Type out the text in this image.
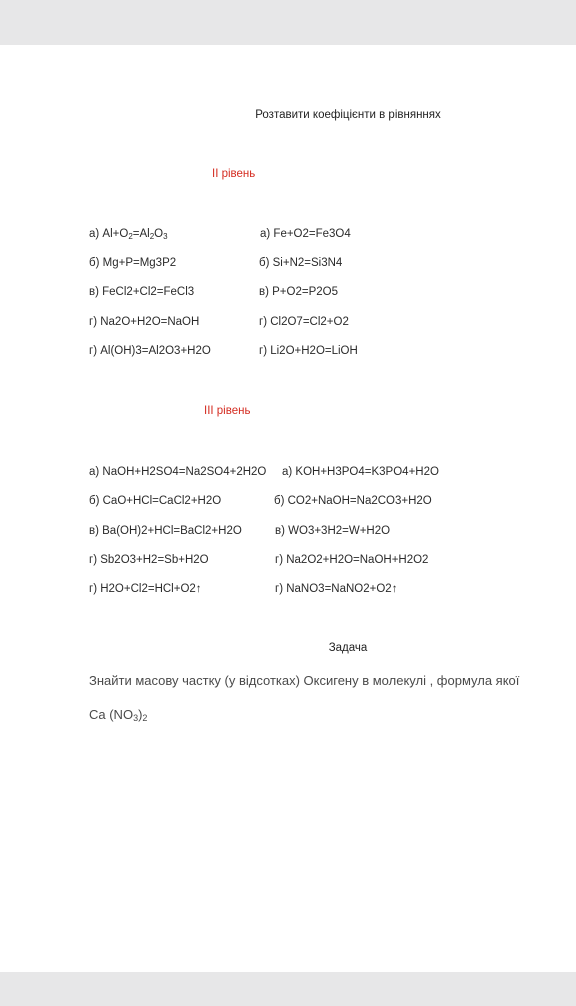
Розтавити коефіцієнти в рівняннях
II рівень
а) $Al+O_2=Al_2O_3$
б) Mg+P=Mg3P2
в) FeCl2+Cl2=FeCl3
г) Na2O+H2O=NaOH
г) Al(OH)3=Al2O3+H2O
а) Fe+O2=Fe3O4
б) Si+N2=Si3N4
в) P+O2=P2O5
г) Cl2O7=Cl2+O2
г) Li2O+H2O=LiOH
III рівень
а) NaOH+H2SO4=Na2SO4+2H2O
б) CaO+HCl=CaCl2+H2O
в) Ba(OH)2+HCl=BaCl2+H2O
г) Sb2O3+H2=Sb+H2O
г) H2O+Cl2=HCl+O2↑
а) KOH+H3PO4=K3PO4+H2O
б) CO2+NaOH=Na2CO3+H2O
в) WO3+3H2=W+H2O
г) Na2O2+H2O=NaOH+H2O2
г) NaNO3=NaNO2+O2↑
Задача
Знайти масову частку (у відсотках) Оксигену в молекулі , формула якої
Ca $(NO_3)_2$
